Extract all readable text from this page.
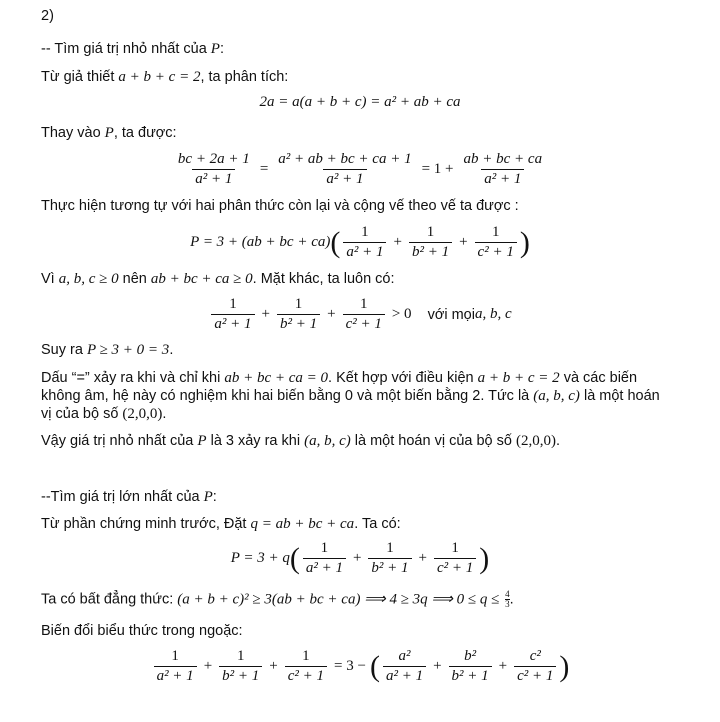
2)
-- Tìm giá trị nhỏ nhất của P:
Từ giả thiết a + b + c = 2, ta phân tích:
2a = a(a + b + c) = a² + ab + ca
Thay vào P, ta được:
$\frac{bc + 2a + 1}{\text{a² + 1}} = \frac{\text{a² + ab + bc + ca + 1}}{\text{a² + 1}} = 1 + \frac{ab + bc + ca}{\text{a² + 1}}$
Thực hiện tương tự với hai phân thức còn lại và cộng vế theo vế ta được :
P = 3 + (ab + bc + ca) ( $\frac{1}{\text{a² + 1}} + \frac{1}{\text{b² + 1}} + \frac{1}{\text{c² + 1}}$ )
Vì a, b, c ≥ 0 nên ab + bc + ca ≥ 0. Mặt khác, ta luôn có:
$\frac{1}{\text{a² + 1}} + \frac{1}{\text{b² + 1}} + \frac{1}{\text{c² + 1}} > 0$ với mọi a, b, c
Suy ra P ≥ 3 + 0 = 3.
Dấu “=” xảy ra khi và chỉ khi ab + bc + ca = 0. Kết hợp với điều kiện a + b + c = 2 và các biến
không âm, hệ này có nghiệm khi hai biến bằng 0 và một biến bằng 2. Tức là (a, b, c) là một hoán
vị của bộ số (2,0,0).
Vậy giá trị nhỏ nhất của P là 3 xảy ra khi (a, b, c) là một hoán vị của bộ số (2,0,0).
--Tìm giá trị lớn nhất của P:
Từ phần chứng minh trước, Đặt q = ab + bc + ca. Ta có:
P = 3 + q ( $\frac{1}{\text{a² + 1}} + \frac{1}{\text{b² + 1}} + \frac{1}{\text{c² + 1}}$ )
Ta có bất đẳng thức: (a + b + c)² ≥ 3(ab + bc + ca) ⟹ 4 ≥ 3q ⟹ $0 \le q \le \frac{4}{3}$ .
Biến đổi biểu thức trong ngoặc:
$\frac{1}{\text{a² + 1}} + \frac{1}{\text{b² + 1}} + \frac{1}{\text{c² + 1}} = 3$ − ( $\frac{\text{a²}}{\text{a² + 1}} + \frac{\text{b²}}{\text{b² + 1}} + \frac{\text{c²}}{\text{c² + 1}}$ )
